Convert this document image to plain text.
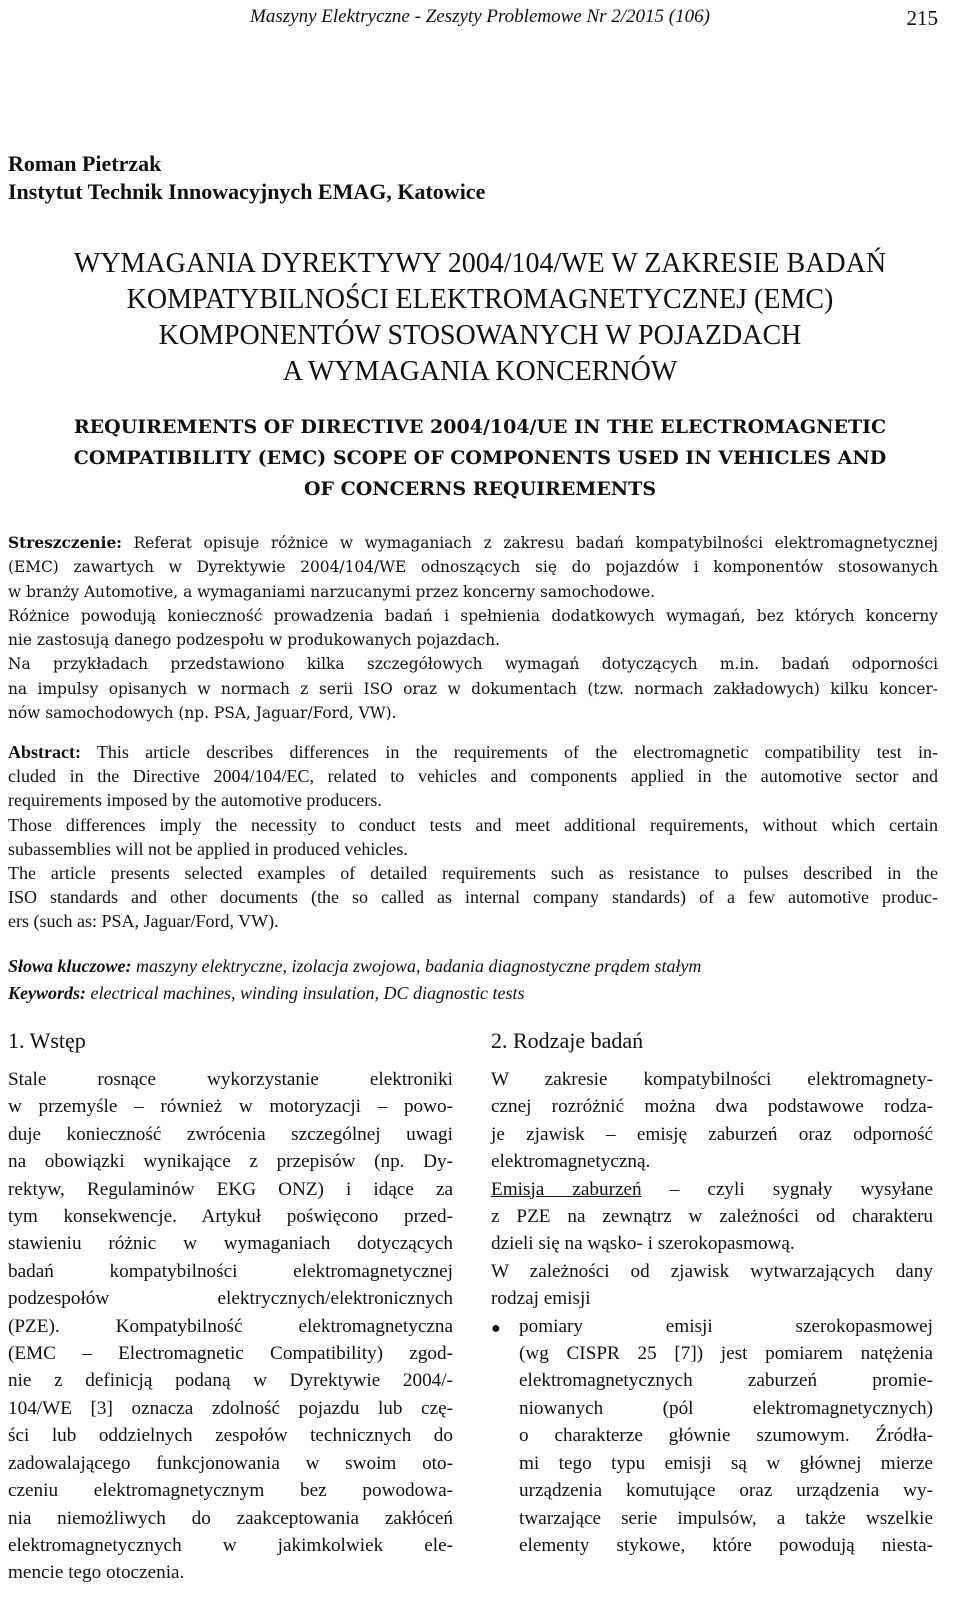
Maszyny Elektryczne - Zeszyty Problemowe Nr 2/2015 (106)	215
Roman Pietrzak
Instytut Technik Innowacyjnych EMAG, Katowice
WYMAGANIA DYREKTYWY 2004/104/WE W ZAKRESIE BADAŃ
KOMPATYBILNOŚCI ELEKTROMAGNETYCZNEJ (EMC)
KOMPONENTÓW STOSOWANYCH W POJAZDACH
A WYMAGANIA KONCERNÓW
REQUIREMENTS OF DIRECTIVE 2004/104/UE IN THE ELECTROMAGNETIC
COMPATIBILITY (EMC) SCOPE OF COMPONENTS USED IN VEHICLES AND
OF CONCERNS REQUIREMENTS
Streszczenie: Referat opisuje różnice w wymaganiach z zakresu badań kompatybilności elektromagnetycznej
(EMC) zawartych w Dyrektywie 2004/104/WE odnoszących się do pojazdów i komponentów stosowanych
w branży Automotive, a wymaganiami narzucanymi przez koncerny samochodowe.
Różnice powodują konieczność prowadzenia badań i spełnienia dodatkowych wymagań, bez których koncerny
nie zastosują danego podzespołu w produkowanych pojazdach.
Na przykładach przedstawiono kilka szczegółowych wymagań dotyczących m.in. badań odporności
na impulsy opisanych w normach z serii ISO oraz w dokumentach (tzw. normach zakładowych) kilku koncer-
nów samochodowych (np. PSA, Jaguar/Ford, VW).
Abstract: This article describes differences in the requirements of the electromagnetic compatibility test in-
cluded in the Directive 2004/104/EC, related to vehicles and components applied in the automotive sector and
requirements imposed by the automotive producers.
Those differences imply the necessity to conduct tests and meet additional requirements, without which certain
subassemblies will not be applied in produced vehicles.
The article presents selected examples of detailed requirements such as resistance to pulses described in the
ISO standards and other documents (the so called as internal company standards) of a few automotive produc-
ers (such as: PSA, Jaguar/Ford, VW).
Słowa kluczowe: maszyny elektryczne, izolacja zwojowa, badania diagnostyczne prądem stałym
Keywords: electrical machines, winding insulation, DC diagnostic tests
1. Wstęp	2. Rodzaje badań
Stale rosnące wykorzystanie elektroniki
w przemyśle – również w motoryzacji – powo-
duje konieczność zwrócenia szczególnej uwagi
na obowiązki wynikające z przepisów (np. Dy-
rektyw, Regulaminów EKG ONZ) i idące za
tym konsekwencje. Artykuł poświęcono przed-
stawieniu różnic w wymaganiach dotyczących
badań kompatybilności elektromagnetycznej
podzespołów elektrycznych/elektronicznych
(PZE). Kompatybilność elektromagnetyczna
(EMC – Electromagnetic Compatibility) zgod-
nie z definicją podaną w Dyrektywie 2004/-
104/WE [3] oznacza zdolność pojazdu lub czę-
ści lub oddzielnych zespołów technicznych do
zadowalającego funkcjonowania w swoim oto-
czeniu elektromagnetycznym bez powodowa-
nia niemożliwych do zaakceptowania zakłóceń
elektromagnetycznych w jakimkolwiek ele-
mencie tego otoczenia.
W zakresie kompatybilności elektromagnety-
cznej rozróżnić można dwa podstawowe rodza-
je zjawisk – emisję zaburzeń oraz odporność
elektromagnetyczną.
Emisja zaburzeń – czyli sygnały wysyłane
z PZE na zewnątrz w zależności od charakteru
dzieli się na wąsko- i szerokopasmową.
W zależności od zjawisk wytwarzających dany
rodzaj emisji
● pomiary emisji szerokopasmowej
(wg CISPR 25 [7]) jest pomiarem natężenia
elektromagnetycznych zaburzeń promie-
niowanych (pól elektromagnetycznych)
o charakterze głównie szumowym. Źródła-
mi tego typu emisji są w głównej mierze
urządzenia komutujące oraz urządzenia wy-
twarzające serie impulsów, a także wszelkie
elementy stykowe, które powodują niesta-
